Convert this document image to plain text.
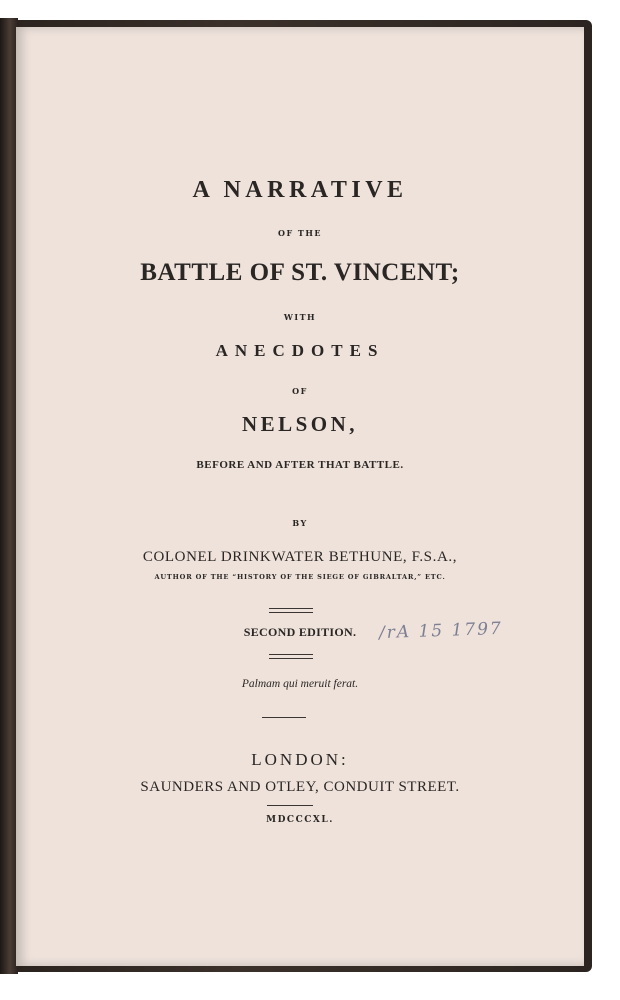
A NARRATIVE
OF THE
BATTLE OF ST. VINCENT;
WITH
ANECDOTES
OF
NELSON,
BEFORE AND AFTER THAT BATTLE.
BY
COLONEL DRINKWATER BETHUNE, F.S.A.,
AUTHOR OF THE “HISTORY OF THE SIEGE OF GIBRALTAR,” ETC.
SECOND EDITION.	/rA 15 1797
Palmam qui meruit ferat.
LONDON:
SAUNDERS AND OTLEY, CONDUIT STREET.
MDCCCXL.
